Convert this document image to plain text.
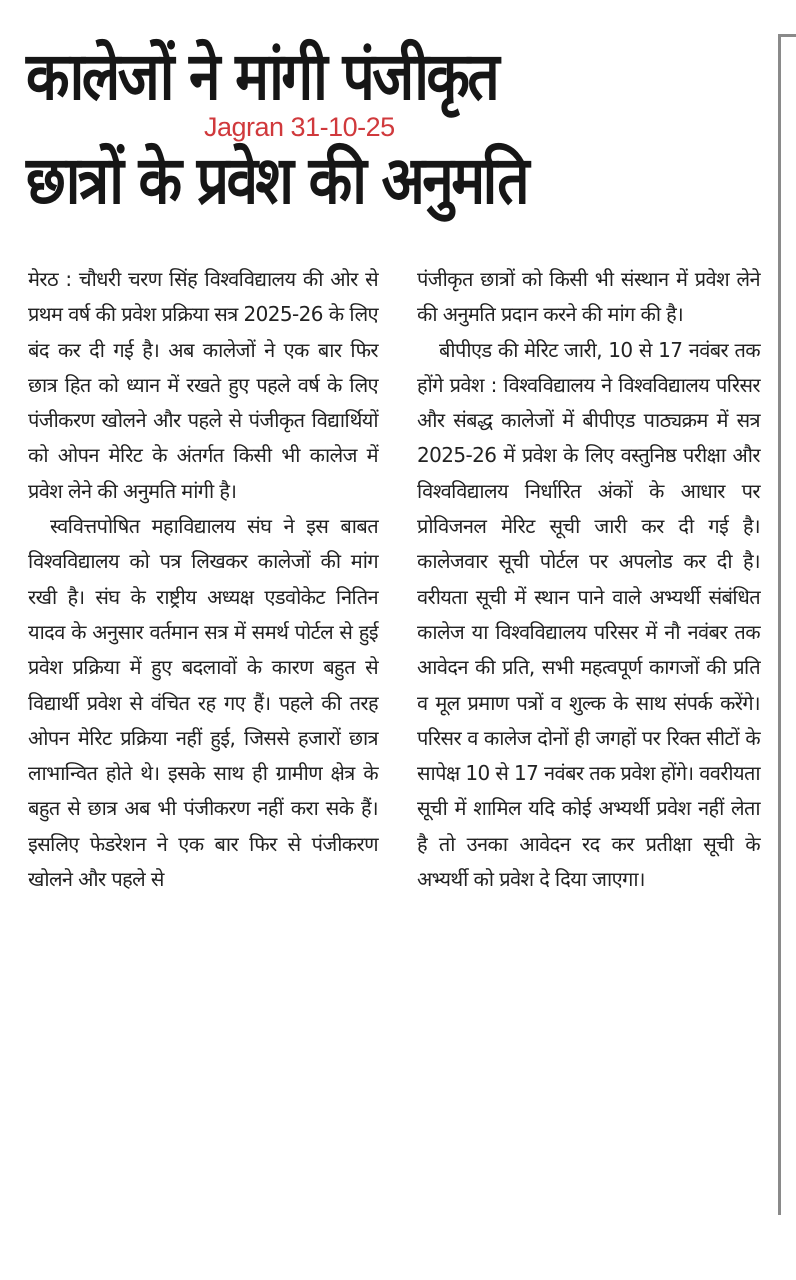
कालेजों ने मांगी पंजीकृत
छात्रों के प्रवेश की अनुमति
Jagran 31-10-25

मेरठ : चौधरी चरण सिंह विश्वविद्यालय की ओर से प्रथम वर्ष की प्रवेश प्रक्रिया सत्र 2025-26 के लिए बंद कर दी गई है। अब कालेजों ने एक बार फिर छात्र हित को ध्यान में रखते हुए पहले वर्ष के लिए पंजीकरण खोलने और पहले से पंजीकृत विद्यार्थियों को ओपन मेरिट के अंतर्गत किसी भी कालेज में प्रवेश लेने की अनुमति मांगी है।

स्ववित्तपोषित महाविद्यालय संघ ने इस बाबत विश्वविद्यालय को पत्र लिखकर कालेजों की मांग रखी है। संघ के राष्ट्रीय अध्यक्ष एडवोकेट नितिन यादव के अनुसार वर्तमान सत्र में समर्थ पोर्टल से हुई प्रवेश प्रक्रिया में हुए बदलावों के कारण बहुत से विद्यार्थी प्रवेश से वंचित रह गए हैं। पहले की तरह ओपन मेरिट प्रक्रिया नहीं हुई, जिससे हजारों छात्र लाभान्वित होते थे। इसके साथ ही ग्रामीण क्षेत्र के बहुत से छात्र अब भी पंजीकरण नहीं करा सके हैं। इसलिए फेडरेशन ने एक बार फिर से पंजीकरण खोलने और पहले से

पंजीकृत छात्रों को किसी भी संस्थान में प्रवेश लेने की अनुमति प्रदान करने की मांग की है।

बीपीएड की मेरिट जारी, 10 से 17 नवंबर तक होंगे प्रवेश : विश्वविद्यालय ने विश्वविद्यालय परिसर और संबद्ध कालेजों में बीपीएड पाठ्यक्रम में सत्र 2025-26 में प्रवेश के लिए वस्तुनिष्ठ परीक्षा और विश्वविद्यालय निर्धारित अंकों के आधार पर प्रोविजनल मेरिट सूची जारी कर दी गई है। कालेजवार सूची पोर्टल पर अपलोड कर दी है। वरीयता सूची में स्थान पाने वाले अभ्यर्थी संबंधित कालेज या विश्वविद्यालय परिसर में नौ नवंबर तक आवेदन की प्रति, सभी महत्वपूर्ण कागजों की प्रति व मूल प्रमाण पत्रों व शुल्क के साथ संपर्क करेंगे। परिसर व कालेज दोनों ही जगहों पर रिक्त सीटों के सापेक्ष 10 से 17 नवंबर तक प्रवेश होंगे। ववरीयता सूची में शामिल यदि कोई अभ्यर्थी प्रवेश नहीं लेता है तो उनका आवेदन रद कर प्रतीक्षा सूची के अभ्यर्थी को प्रवेश दे दिया जाएगा।
